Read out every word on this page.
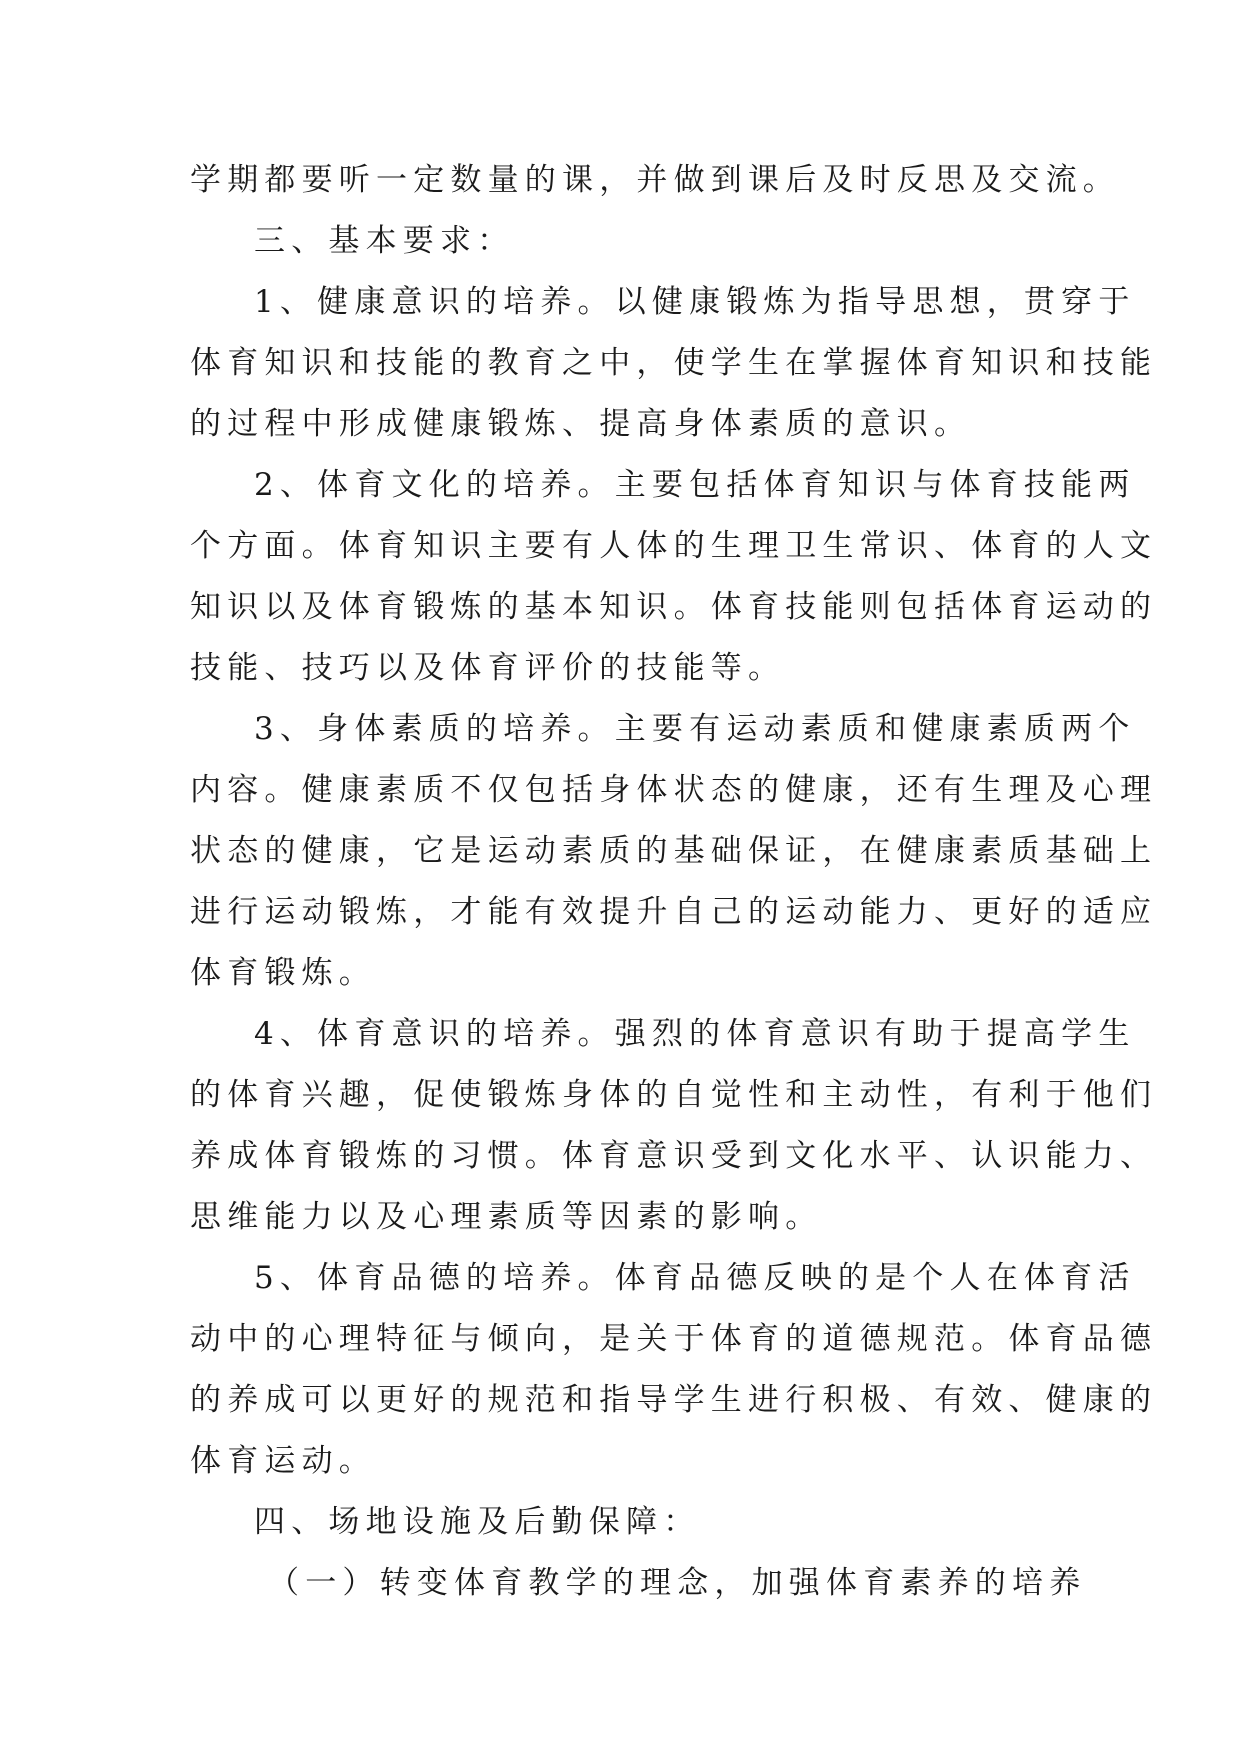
学期都要听一定数量的课，并做到课后及时反思及交流。
三、基本要求：
1、健康意识的培养。以健康锻炼为指导思想，贯穿于
体育知识和技能的教育之中，使学生在掌握体育知识和技能
的过程中形成健康锻炼、提高身体素质的意识。
2、体育文化的培养。主要包括体育知识与体育技能两
个方面。体育知识主要有人体的生理卫生常识、体育的人文
知识以及体育锻炼的基本知识。体育技能则包括体育运动的
技能、技巧以及体育评价的技能等。
3、身体素质的培养。主要有运动素质和健康素质两个
内容。健康素质不仅包括身体状态的健康，还有生理及心理
状态的健康，它是运动素质的基础保证，在健康素质基础上
进行运动锻炼，才能有效提升自己的运动能力、更好的适应
体育锻炼。
4、体育意识的培养。强烈的体育意识有助于提高学生
的体育兴趣，促使锻炼身体的自觉性和主动性，有利于他们
养成体育锻炼的习惯。体育意识受到文化水平、认识能力、
思维能力以及心理素质等因素的影响。
5、体育品德的培养。体育品德反映的是个人在体育活
动中的心理特征与倾向，是关于体育的道德规范。体育品德
的养成可以更好的规范和指导学生进行积极、有效、健康的
体育运动。
四、场地设施及后勤保障：
（一）转变体育教学的理念，加强体育素养的培养
